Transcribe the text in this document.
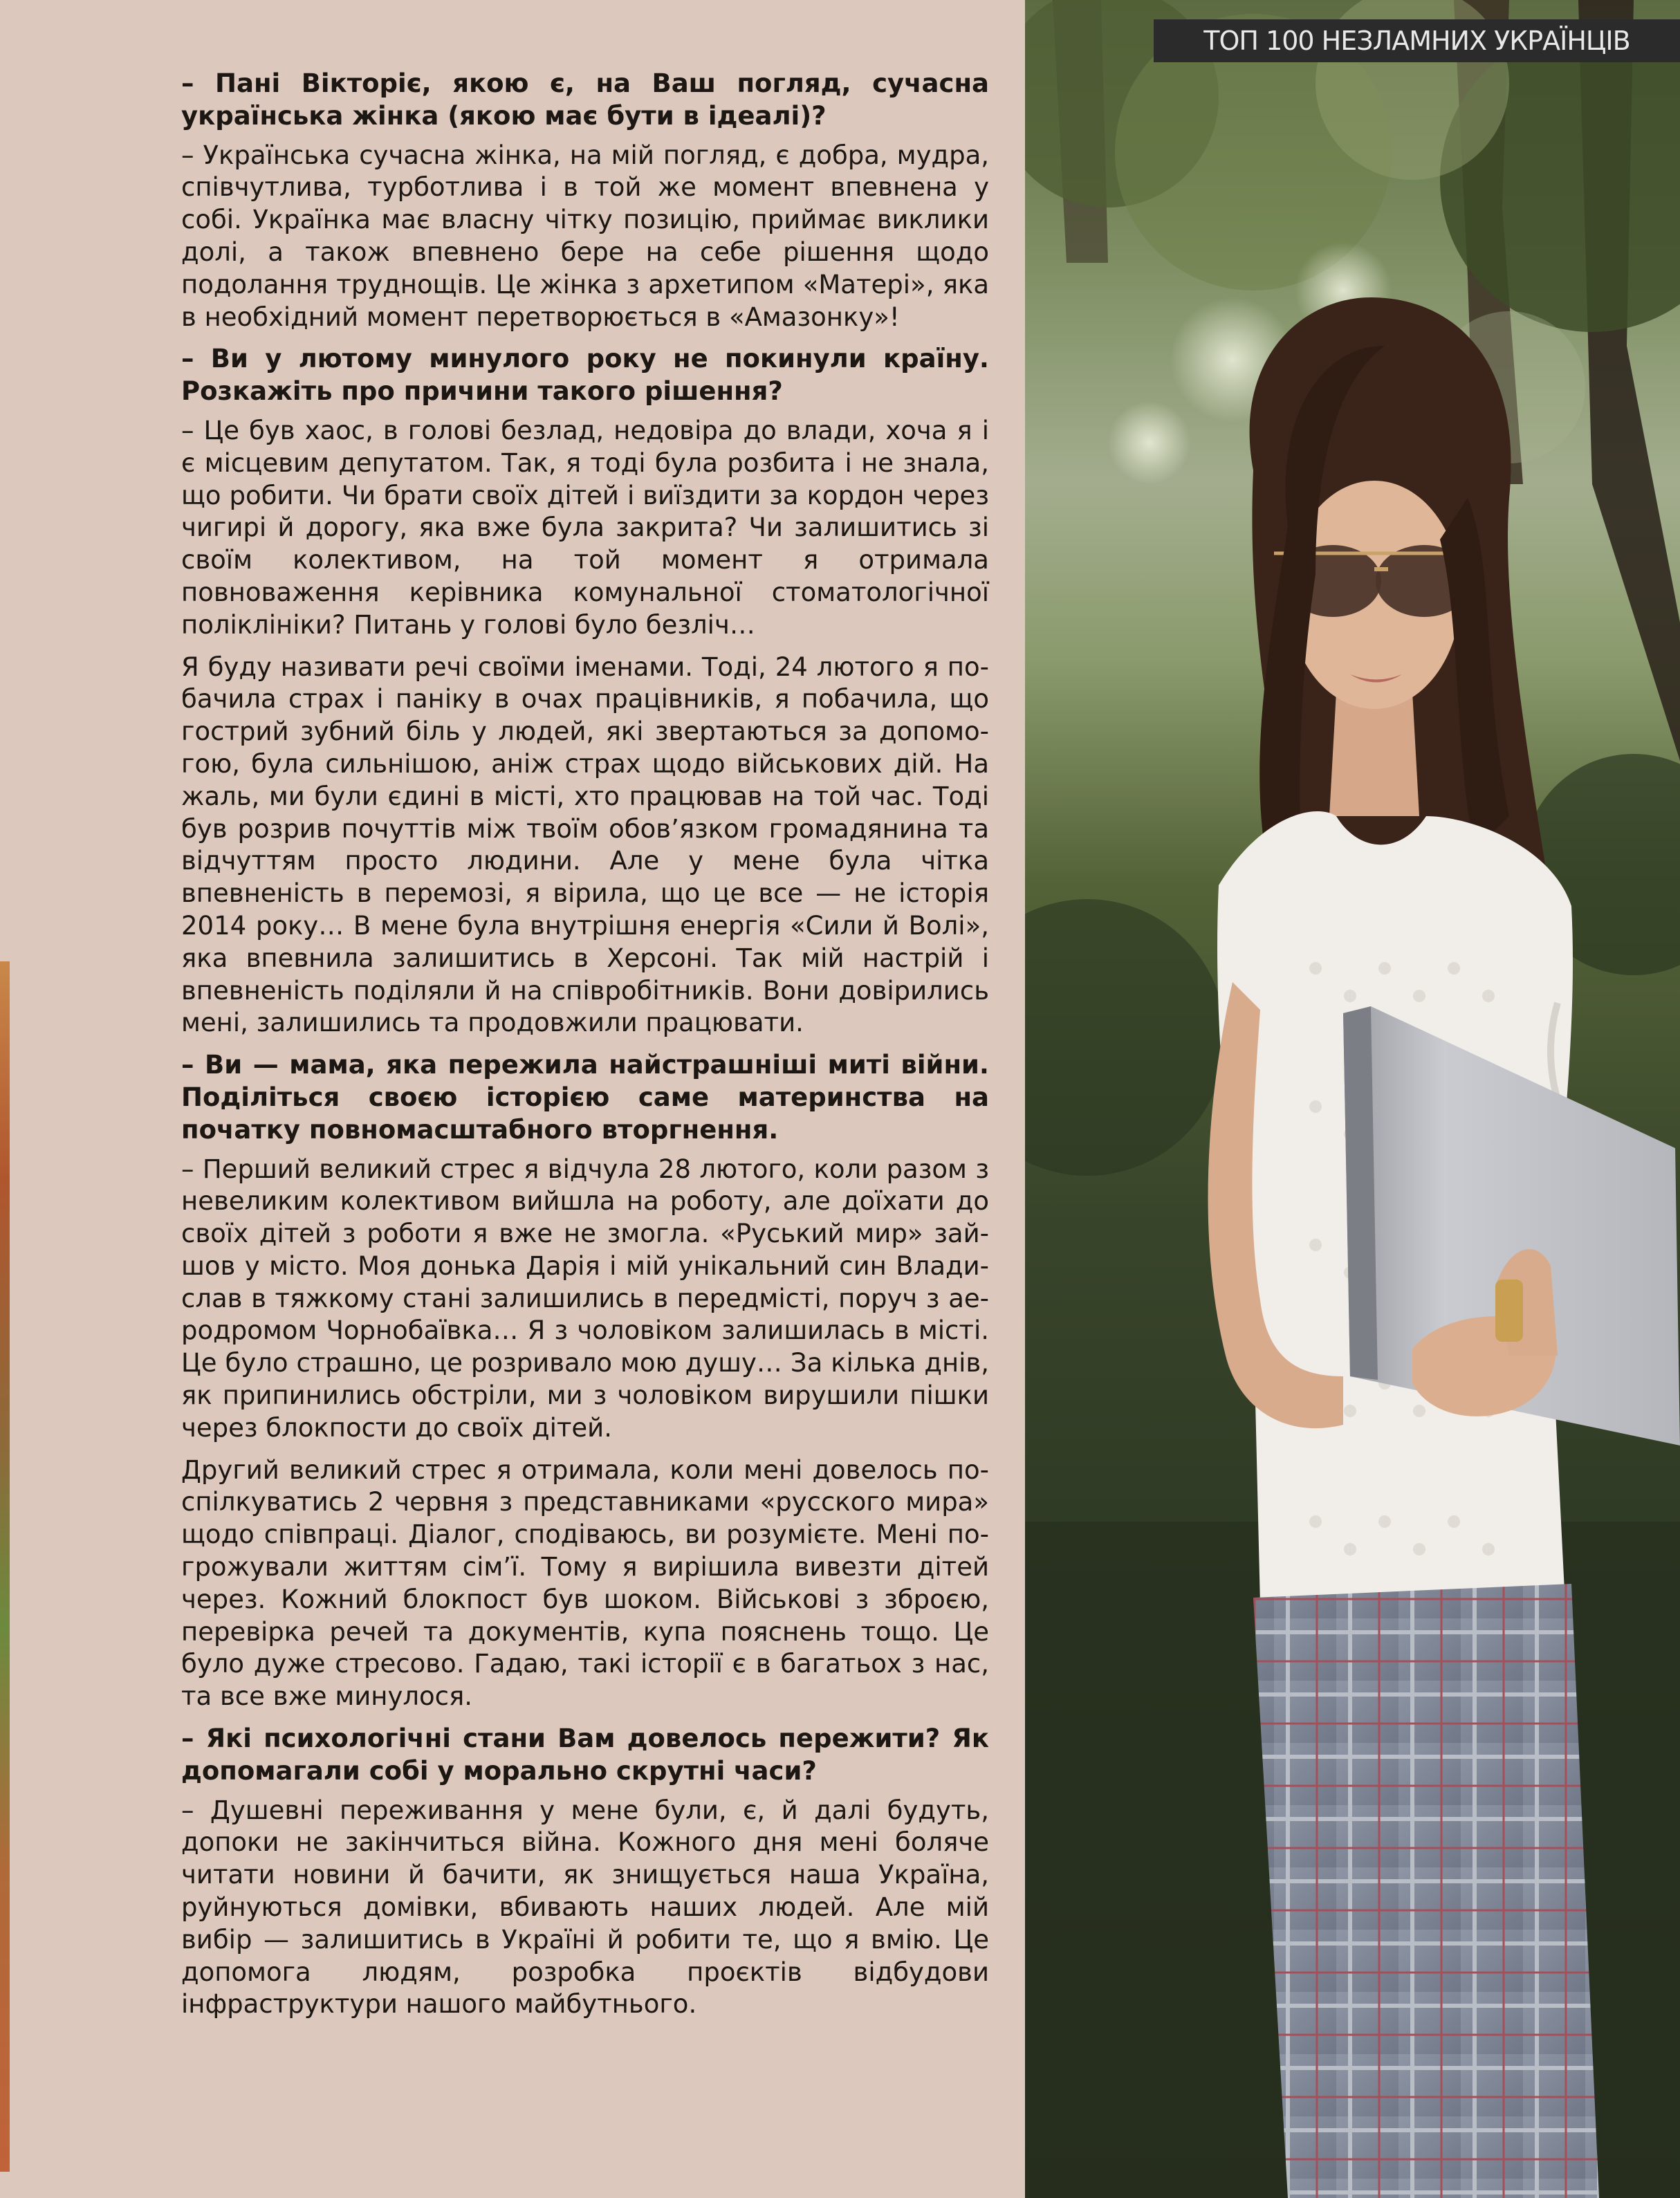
– Пані Вікторіє, якою є, на Ваш погляд, сучасна українська жінка (якою має бути в ідеалі)?

– Українська сучасна жінка, на мій погляд, є добра, мудра, співчутлива, турботлива і в той же момент впевнена у собі. Українка має власну чітку позицію, приймає виклики долі, а також впевнено бере на себе рішення щодо подолання труднощів. Це жінка з архетипом «Матері», яка в необхідний момент перетворюється в «Амазонку»!

– Ви у лютому минулого року не покинули країну. Розкажіть про причини такого рішення?

– Це був хаос, в голові безлад, недовіра до влади, хоча я і є місцевим депутатом. Так, я тоді була розбита і не знала, що робити. Чи брати своїх дітей і виїздити за кордон через чигирі й дорогу, яка вже була закрита? Чи залишитись зі своїм колективом, на той момент я отримала повноваження керівника комунальної стоматологічної поліклініки? Питань у голові було безліч…

Я буду називати речі своїми іменами. Тоді, 24 лютого я побачила страх і паніку в очах працівників, я побачила, що гострий зубний біль у людей, які звертаються за допомогою, була сильнішою, аніж страх щодо військових дій. На жаль, ми були єдині в місті, хто працював на той час. Тоді був розрив почуттів між твоїм обов’язком громадянина та відчуттям просто людини. Але у мене була чітка впевненість в перемозі, я вірила, що це все — не історія 2014 року… В мене була внутрішня енергія «Сили й Волі», яка впевнила залишитись в Херсоні. Так мій настрій і впевненість поділяли й на співробітників. Вони довірились мені, залишились та продовжили працювати.

– Ви — мама, яка пережила найстрашніші миті війни. Поділіться своєю історією саме материнства на початку повномасштабного вторгнення.

– Перший великий стрес я відчула 28 лютого, коли разом з невеликим колективом вийшла на роботу, але доїхати до своїх дітей з роботи я вже не змогла. «Руський мир» зайшов у місто. Моя донька Дарія і мій унікальний син Владислав в тяжкому стані залишились в передмісті, поруч з аеродромом Чорнобаївка… Я з чоловіком залишилась в місті. Це було страшно, це розривало мою душу… За кілька днів, як припинились обстріли, ми з чоловіком вирушили пішки через блокпости до своїх дітей.

Другий великий стрес я отримала, коли мені довелось поспілкуватись 2 червня з представниками «русского мира» щодо співпраці. Діалог, сподіваюсь, ви розумієте. Мені погрожували життям сім’ї. Тому я вирішила вивезти дітей через. Кожний блокпост був шоком. Військові з зброєю, перевірка речей та документів, купа пояснень тощо. Це було дуже стресово. Гадаю, такі історії є в багатьох з нас, та все вже минулося.

– Які психологічні стани Вам довелось пережити? Як допомагали собі у морально скрутні часи?

– Душевні переживання у мене були, є, й далі будуть, допоки не закінчиться війна. Кожного дня мені боляче читати новини й бачити, як знищується наша Україна, руйнуються домівки, вбивають наших людей. Але мій вибір — залишитись в Україні й робити те, що я вмію. Це допомога людям, розробка проєктів відбудови інфраструктури нашого майбутнього.

ТОП 100 НЕЗЛАМНИХ УКРАЇНЦІВ
